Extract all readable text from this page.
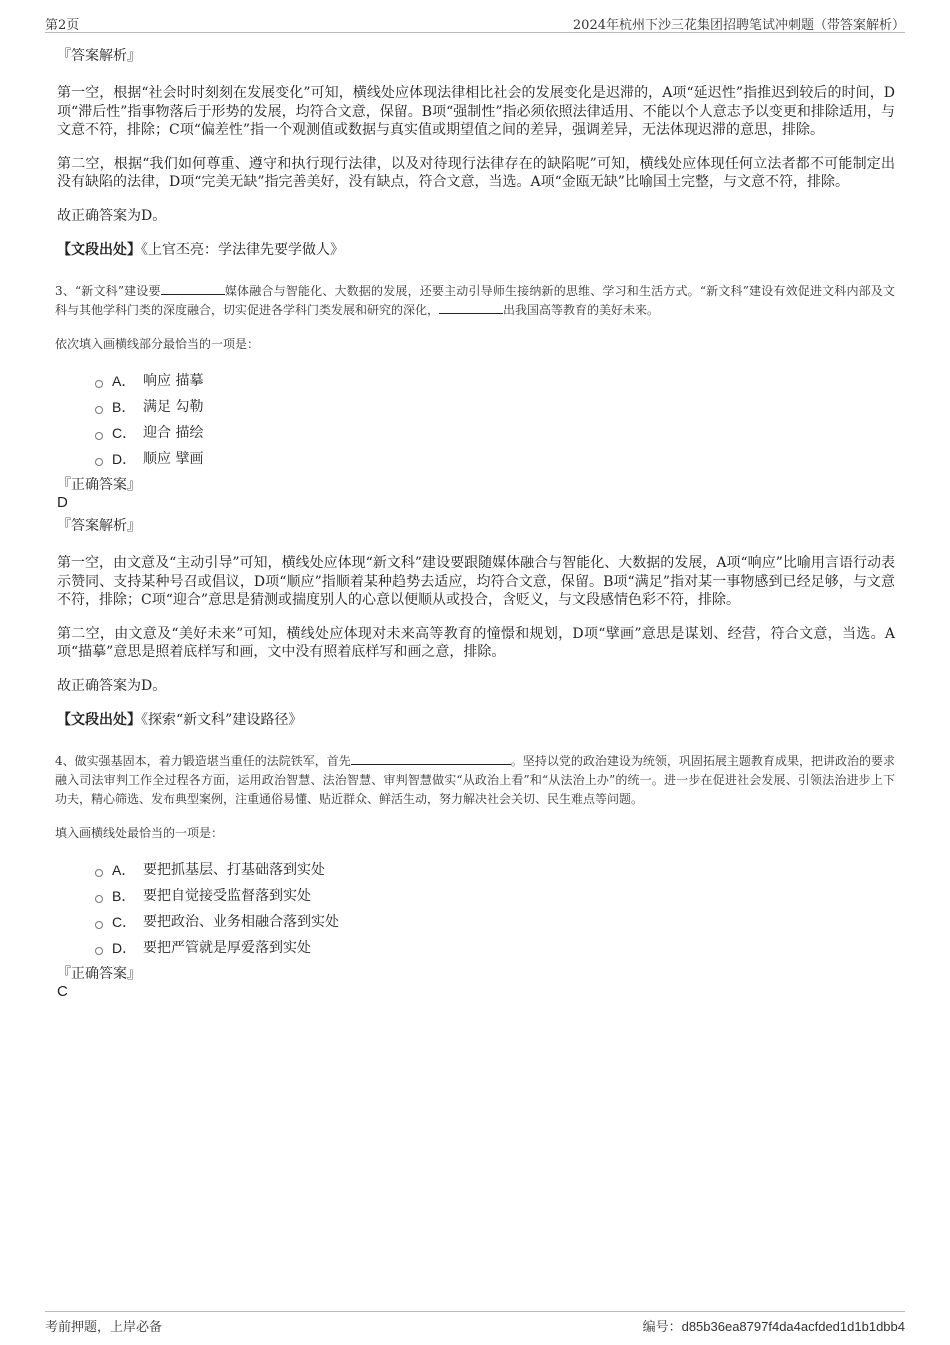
第2页	2024年杭州下沙三花集团招聘笔试冲刺题（带答案解析）
『答案解析』

第一空，根据“社会时时刻刻在发展变化”可知，横线处应体现法律相比社会的发展变化是迟滞的，A项“延迟性”指推迟到较后的时间，D项“滞后性”指事物落后于形势的发展，均符合文意，保留。B项“强制性”指必须依照法律适用、不能以个人意志予以变更和排除适用，与文意不符，排除；C项“偏差性”指一个观测值或数据与真实值或期望值之间的差异，强调差异，无法体现迟滞的意思，排除。

第二空，根据“我们如何尊重、遵守和执行现行法律，以及对待现行法律存在的缺陷呢”可知，横线处应体现任何立法者都不可能制定出没有缺陷的法律，D项“完美无缺”指完善美好，没有缺点，符合文意，当选。A项“金瓯无缺”比喻国土完整，与文意不符，排除。

故正确答案为D。

【文段出处】《上官丕亮：学法律先要学做人》
3、“新文科”建设要	媒体融合与智能化、大数据的发展，还要主动引导师生接纳新的思维、学习和生活方式。“新文科”建设有效促进文科内部及文科与其他学科门类的深度融合，切实促进各学科门类发展和研究的深化，	出我国高等教育的美好未来。
依次填入画横线部分最恰当的一项是：
A． 响应 描摹
B． 满足 勾勒
C． 迎合 描绘
D． 顺应 擘画
『正确答案』
D
『答案解析』

第一空，由文意及“主动引导”可知，横线处应体现“新文科”建设要跟随媒体融合与智能化、大数据的发展，A项“响应”比喻用言语行动表示赞同、支持某种号召或倡议，D项“顺应”指顺着某种趋势去适应，均符合文意，保留。B项“满足”指对某一事物感到已经足够，与文意不符，排除；C项“迎合”意思是猜测或揣度别人的心意以便顺从或投合，含贬义，与文段感情色彩不符，排除。

第二空，由文意及“美好未来”可知，横线处应体现对未来高等教育的憧憬和规划，D项“擘画”意思是谋划、经营，符合文意，当选。A项“描摹”意思是照着底样写和画，文中没有照着底样写和画之意，排除。

故正确答案为D。

【文段出处】《探索“新文科”建设路径》
4、做实强基固本，着力锻造堪当重任的法院铁军，首先	。坚持以党的政治建设为统领，巩固拓展主题教育成果，把讲政治的要求融入司法审判工作全过程各方面，运用政治智慧、法治智慧、审判智慧做实“从政治上看”和“从法治上办”的统一。进一步在促进社会发展、引领法治进步上下功夫，精心筛选、发布典型案例，注重通俗易懂、贴近群众、鲜活生动，努力解决社会关切、民生难点等问题。
填入画横线处最恰当的一项是：
A． 要把抓基层、打基础落到实处
B． 要把自觉接受监督落到实处
C． 要把政治、业务相融合落到实处
D． 要把严管就是厚爱落到实处
『正确答案』
C
考前押题，上岸必备	编号：d85b36ea8797f4da4acfded1d1b1dbb4
